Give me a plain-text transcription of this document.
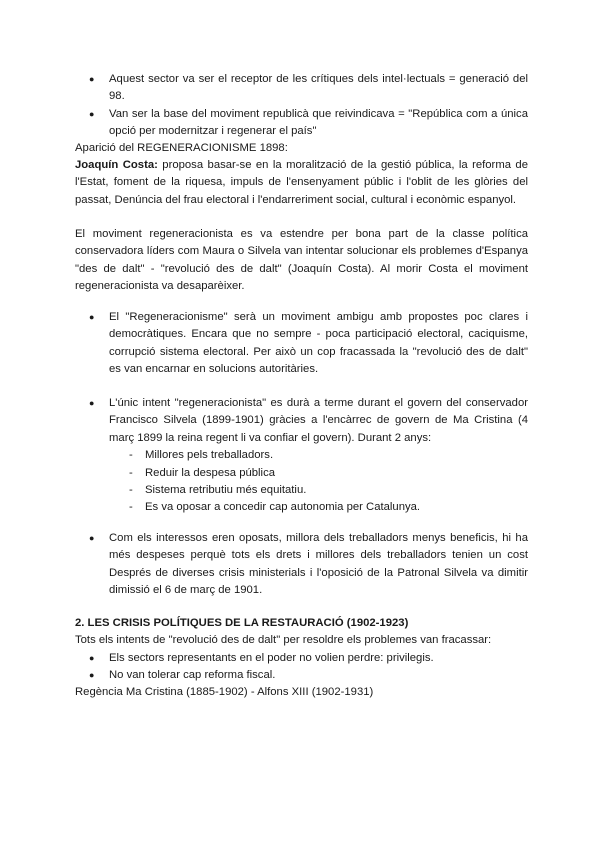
● Aquest sector va ser el receptor de les crítiques dels intel·lectuals = generació del 98.
● Van ser la base del moviment republicà que reivindicava = "República com a única opció per modernitzar i regenerar el país"

Aparició del REGENERACIONISME 1898:

Joaquín Costa: proposa basar-se en la moralització de la gestió pública, la reforma de l'Estat, foment de la riquesa, impuls de l'ensenyament públic i l'oblit de les glòries del passat, Denúncia del frau electoral i l'endarreriment social, cultural i econòmic espanyol.

El moviment regeneracionista es va estendre per bona part de la classe política conservadora líders com Maura o Silvela van intentar solucionar els problemes d'Espanya "des de dalt" - "revolució des de dalt" (Joaquín Costa). Al morir Costa el moviment regeneracionista va desaparèixer.

● El "Regeneracionisme" serà un moviment ambigu amb propostes poc clares i democràtiques. Encara que no sempre - poca participació electoral, caciquisme, corrupció sistema electoral. Per això un cop fracassada la "revolució des de dalt" es van encarnar en solucions autoritàries.
● L'únic intent "regeneracionista" es durà a terme durant el govern del conservador Francisco Silvela (1899-1901) gràcies a l'encàrrec de govern de Ma Cristina (4 març 1899 la reina regent li va confiar el govern). Durant 2 anys:
- Millores pels treballadors.
- Reduir la despesa pública
- Sistema retributiu més equitatiu.
- Es va oposar a concedir cap autonomia per Catalunya.
● Com els interessos eren oposats, millora dels treballadors menys beneficis, hi ha més despeses perquè tots els drets i millores dels treballadors tenien un cost Després de diverses crisis ministerials i l'oposició de la Patronal Silvela va dimitir dimissió el 6 de març de 1901.

2. LES CRISIS POLÍTIQUES DE LA RESTAURACIÓ (1902-1923)

Tots els intents de "revolució des de dalt" per resoldre els problemes van fracassar:

● Els sectors representants en el poder no volien perdre: privilegis.
● No van tolerar cap reforma fiscal.

Regència Ma Cristina (1885-1902) - Alfons XIII (1902-1931)
